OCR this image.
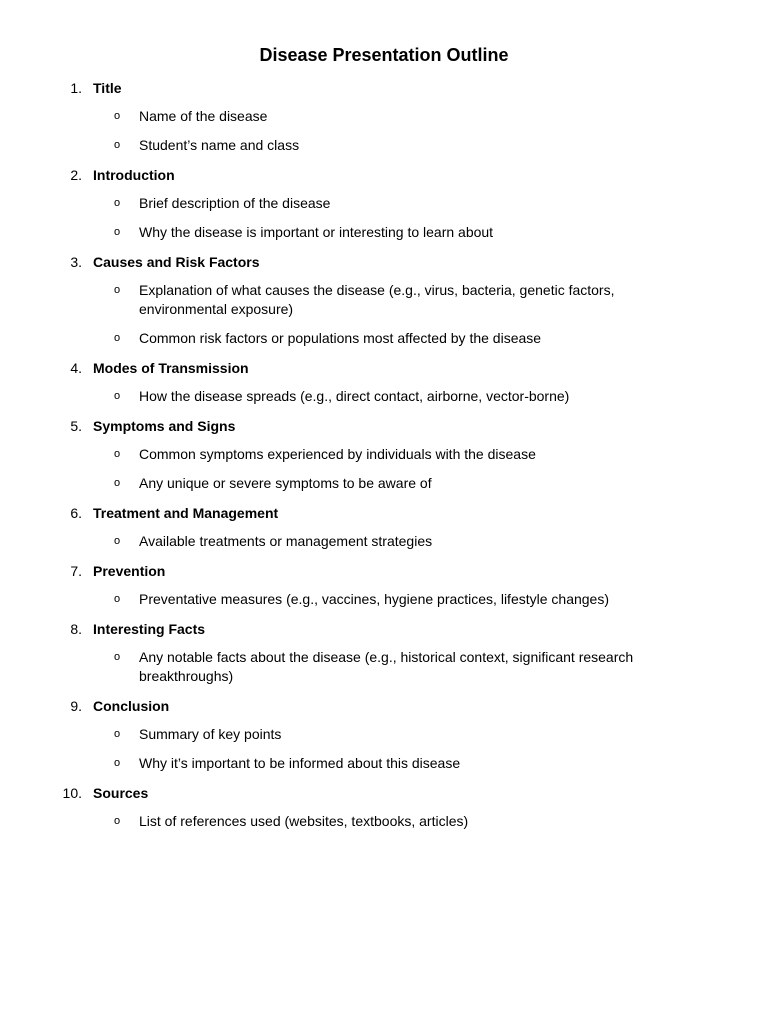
Disease Presentation Outline
1. Title
o Name of the disease
o Student’s name and class
2. Introduction
o Brief description of the disease
o Why the disease is important or interesting to learn about
3. Causes and Risk Factors
o Explanation of what causes the disease (e.g., virus, bacteria, genetic factors, environmental exposure)
o Common risk factors or populations most affected by the disease
4. Modes of Transmission
o How the disease spreads (e.g., direct contact, airborne, vector-borne)
5. Symptoms and Signs
o Common symptoms experienced by individuals with the disease
o Any unique or severe symptoms to be aware of
6. Treatment and Management
o Available treatments or management strategies
7. Prevention
o Preventative measures (e.g., vaccines, hygiene practices, lifestyle changes)
8. Interesting Facts
o Any notable facts about the disease (e.g., historical context, significant research breakthroughs)
9. Conclusion
o Summary of key points
o Why it’s important to be informed about this disease
10. Sources
o List of references used (websites, textbooks, articles)
